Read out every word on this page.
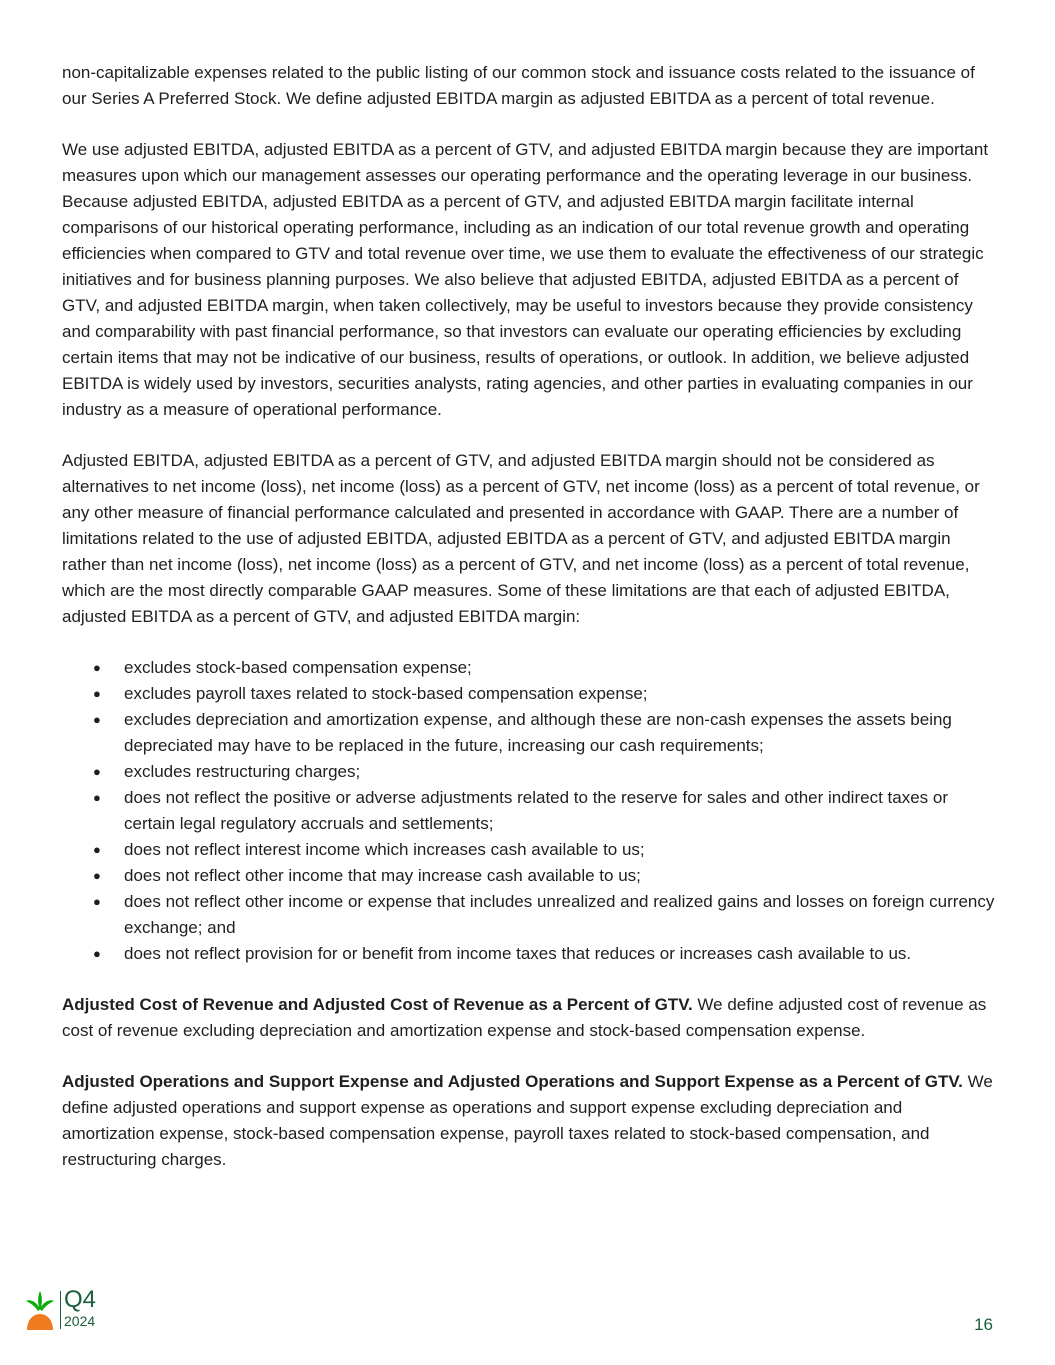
non-capitalizable expenses related to the public listing of our common stock and issuance costs related to the issuance of our Series A Preferred Stock. We define adjusted EBITDA margin as adjusted EBITDA as a percent of total revenue.

We use adjusted EBITDA, adjusted EBITDA as a percent of GTV, and adjusted EBITDA margin because they are important measures upon which our management assesses our operating performance and the operating leverage in our business. Because adjusted EBITDA, adjusted EBITDA as a percent of GTV, and adjusted EBITDA margin facilitate internal comparisons of our historical operating performance, including as an indication of our total revenue growth and operating efficiencies when compared to GTV and total revenue over time, we use them to evaluate the effectiveness of our strategic initiatives and for business planning purposes. We also believe that adjusted EBITDA, adjusted EBITDA as a percent of GTV, and adjusted EBITDA margin, when taken collectively, may be useful to investors because they provide consistency and comparability with past financial performance, so that investors can evaluate our operating efficiencies by excluding certain items that may not be indicative of our business, results of operations, or outlook. In addition, we believe adjusted EBITDA is widely used by investors, securities analysts, rating agencies, and other parties in evaluating companies in our industry as a measure of operational performance.

Adjusted EBITDA, adjusted EBITDA as a percent of GTV, and adjusted EBITDA margin should not be considered as alternatives to net income (loss), net income (loss) as a percent of GTV, net income (loss) as a percent of total revenue, or any other measure of financial performance calculated and presented in accordance with GAAP. There are a number of limitations related to the use of adjusted EBITDA, adjusted EBITDA as a percent of GTV, and adjusted EBITDA margin rather than net income (loss), net income (loss) as a percent of GTV, and net income (loss) as a percent of total revenue, which are the most directly comparable GAAP measures. Some of these limitations are that each of adjusted EBITDA, adjusted EBITDA as a percent of GTV, and adjusted EBITDA margin:

● excludes stock-based compensation expense;
● excludes payroll taxes related to stock-based compensation expense;
● excludes depreciation and amortization expense, and although these are non-cash expenses the assets being depreciated may have to be replaced in the future, increasing our cash requirements;
● excludes restructuring charges;
● does not reflect the positive or adverse adjustments related to the reserve for sales and other indirect taxes or certain legal regulatory accruals and settlements;
● does not reflect interest income which increases cash available to us;
● does not reflect other income that may increase cash available to us;
● does not reflect other income or expense that includes unrealized and realized gains and losses on foreign currency exchange; and
● does not reflect provision for or benefit from income taxes that reduces or increases cash available to us.

Adjusted Cost of Revenue and Adjusted Cost of Revenue as a Percent of GTV. We define adjusted cost of revenue as cost of revenue excluding depreciation and amortization expense and stock-based compensation expense.

Adjusted Operations and Support Expense and Adjusted Operations and Support Expense as a Percent of GTV. We define adjusted operations and support expense as operations and support expense excluding depreciation and amortization expense, stock-based compensation expense, payroll taxes related to stock-based compensation, and restructuring charges.

Q4
2024	16
